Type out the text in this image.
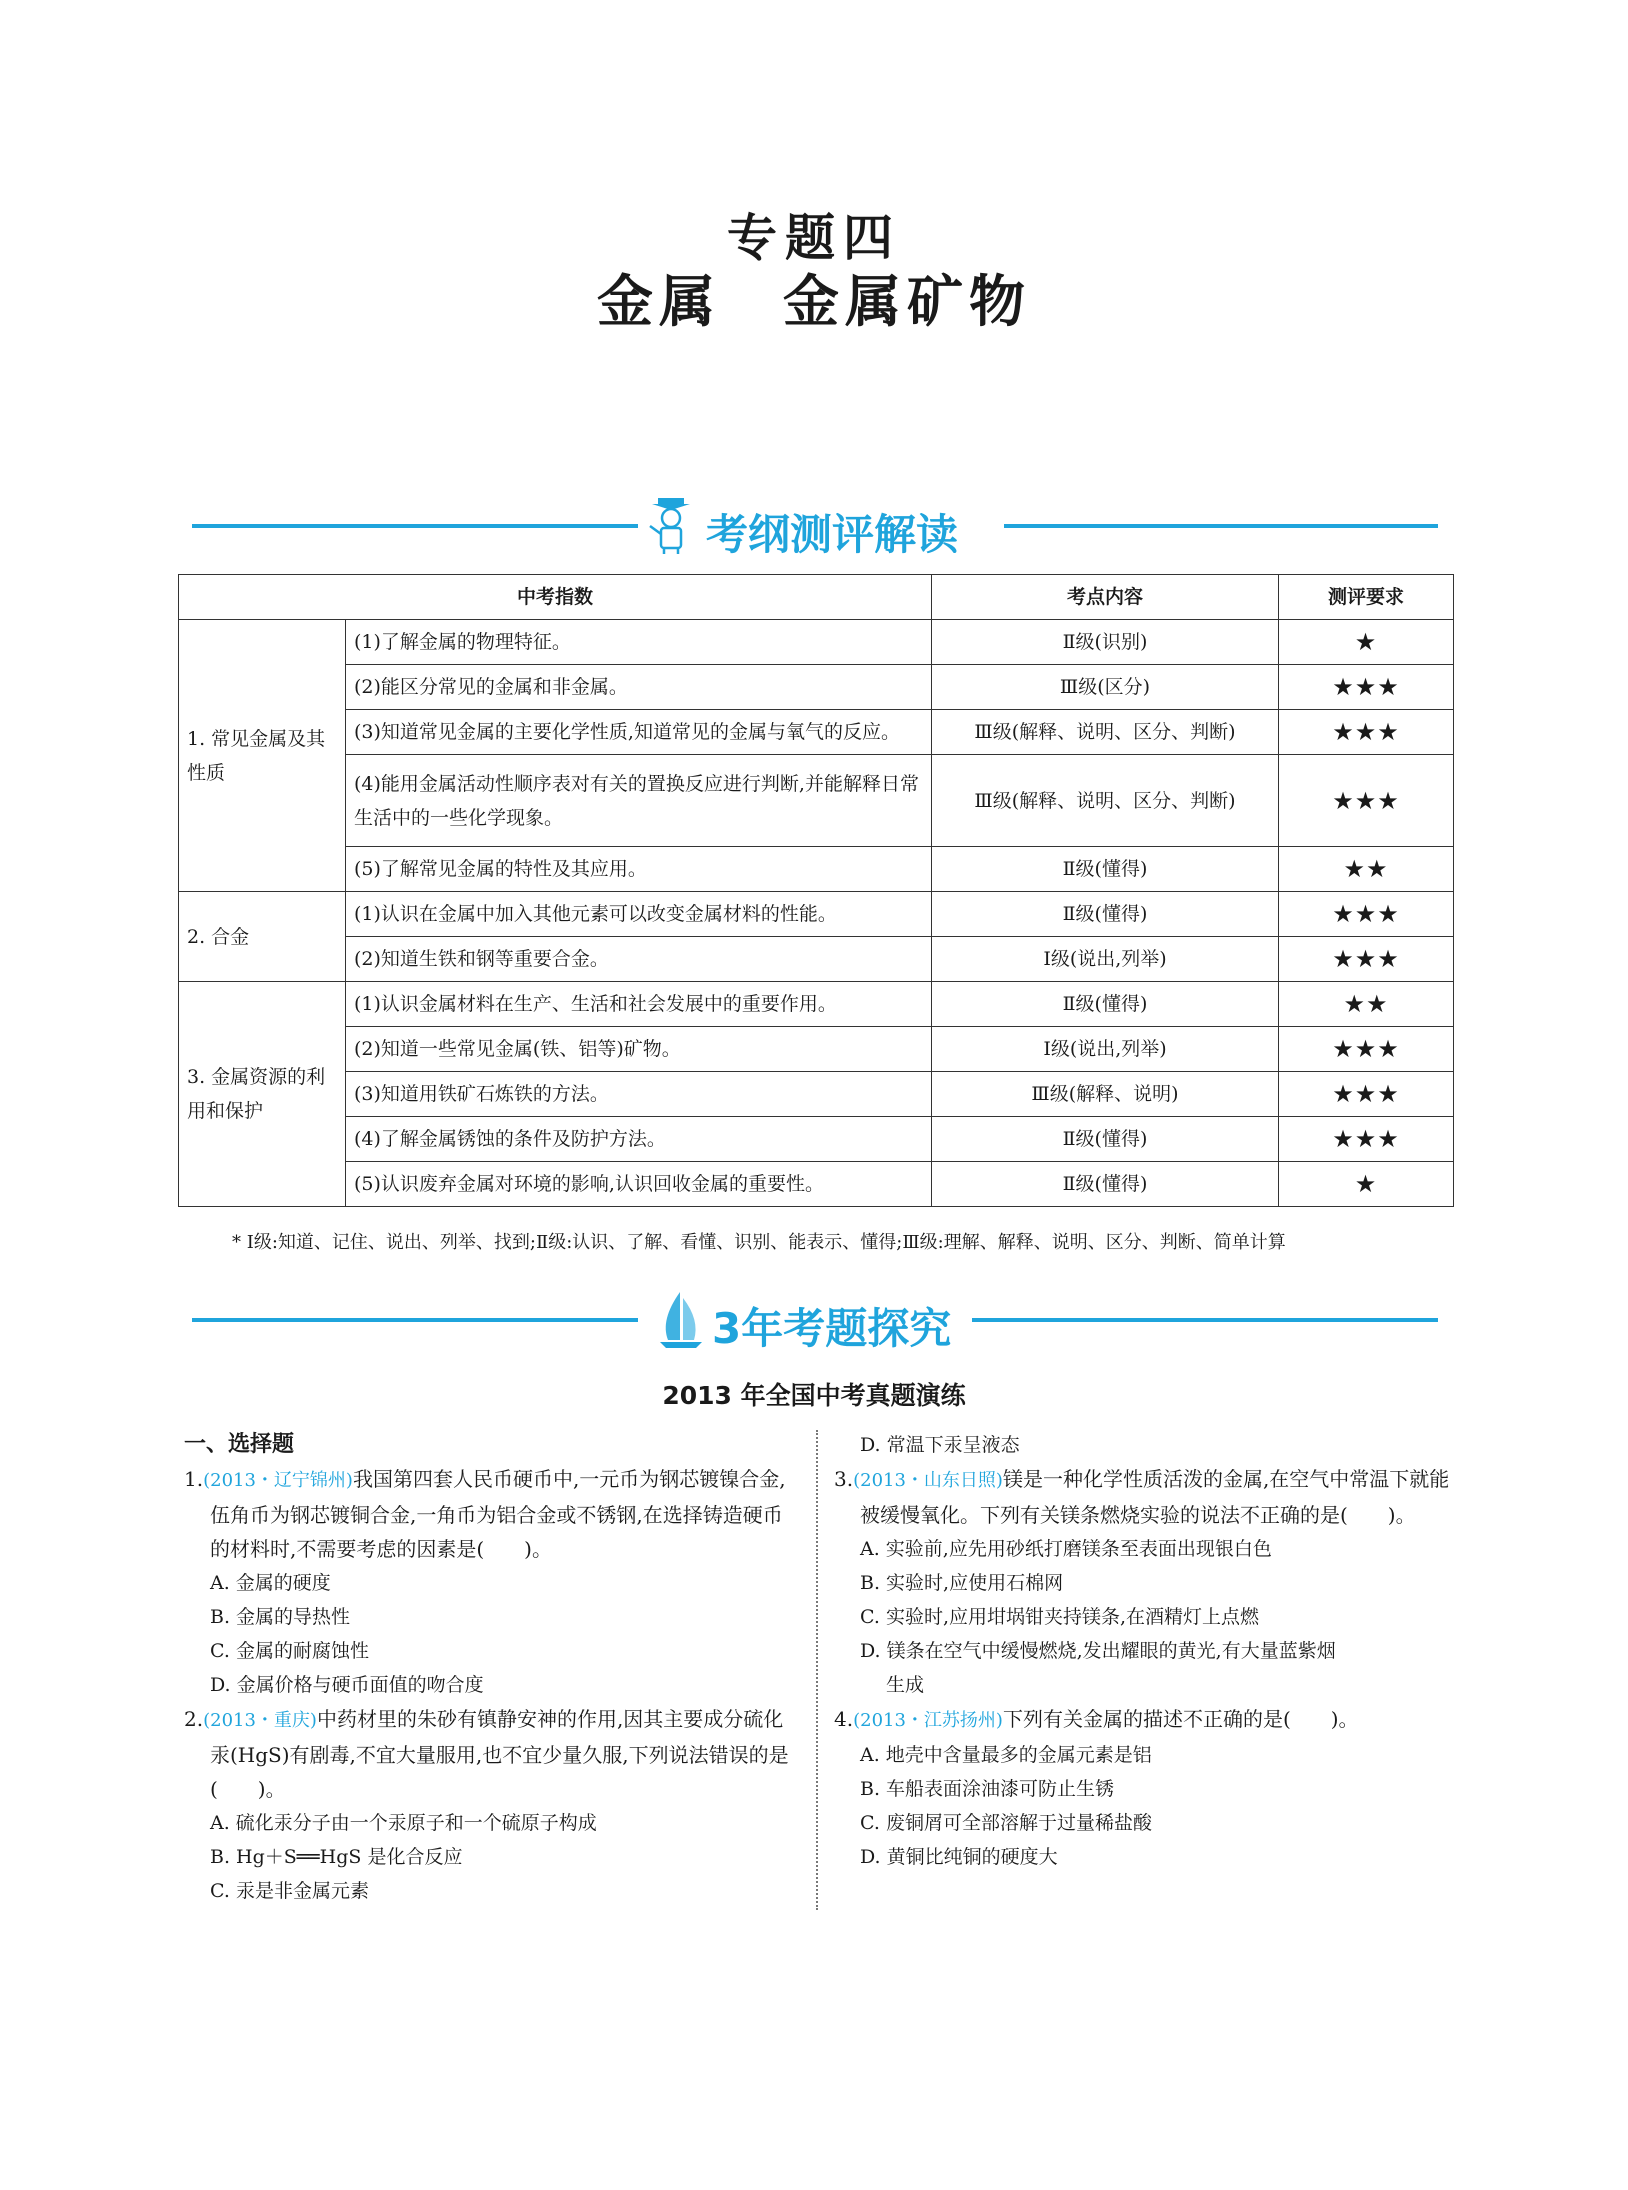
专题四
金属　金属矿物
考纲测评解读
中考指数		考点内容	测评要求
1. 常见金属及其性质	(1)了解金属的物理特征。	Ⅱ级(识别)	★
	(2)能区分常见的金属和非金属。	Ⅲ级(区分)	★★★
	(3)知道常见金属的主要化学性质,知道常见的金属与氧气的反应。	Ⅲ级(解释、说明、区分、判断)	★★★
	(4)能用金属活动性顺序表对有关的置换反应进行判断,并能解释日常生活中的一些化学现象。	Ⅲ级(解释、说明、区分、判断)	★★★
	(5)了解常见金属的特性及其应用。	Ⅱ级(懂得)	★★
2. 合金	(1)认识在金属中加入其他元素可以改变金属材料的性能。	Ⅱ级(懂得)	★★★
	(2)知道生铁和钢等重要合金。	Ⅰ级(说出,列举)	★★★
3. 金属资源的利用和保护	(1)认识金属材料在生产、生活和社会发展中的重要作用。	Ⅱ级(懂得)	★★
	(2)知道一些常见金属(铁、铝等)矿物。	Ⅰ级(说出,列举)	★★★
	(3)知道用铁矿石炼铁的方法。	Ⅲ级(解释、说明)	★★★
	(4)了解金属锈蚀的条件及防护方法。	Ⅱ级(懂得)	★★★
	(5)认识废弃金属对环境的影响,认识回收金属的重要性。	Ⅱ级(懂得)	★
* Ⅰ级:知道、记住、说出、列举、找到;Ⅱ级:认识、了解、看懂、识别、能表示、懂得;Ⅲ级:理解、解释、说明、区分、判断、简单计算
3年考题探究
2013 年全国中考真题演练
一、选择题
1.(2013・辽宁锦州)我国第四套人民币硬币中,一元币为钢芯镀镍合金,伍角币为钢芯镀铜合金,一角币为铝合金或不锈钢,在选择铸造硬币的材料时,不需要考虑的因素是(　　)。
A. 金属的硬度
B. 金属的导热性
C. 金属的耐腐蚀性
D. 金属价格与硬币面值的吻合度
2.(2013・重庆)中药材里的朱砂有镇静安神的作用,因其主要成分硫化汞(HgS)有剧毒,不宜大量服用,也不宜少量久服,下列说法错误的是(　　)。
A. 硫化汞分子由一个汞原子和一个硫原子构成
B. Hg＋S══HgS 是化合反应
C. 汞是非金属元素
D. 常温下汞呈液态
3.(2013・山东日照)镁是一种化学性质活泼的金属,在空气中常温下就能被缓慢氧化。下列有关镁条燃烧实验的说法不正确的是(　　)。
A. 实验前,应先用砂纸打磨镁条至表面出现银白色
B. 实验时,应使用石棉网
C. 实验时,应用坩埚钳夹持镁条,在酒精灯上点燃
D. 镁条在空气中缓慢燃烧,发出耀眼的黄光,有大量蓝紫烟
生成
4.(2013・江苏扬州)下列有关金属的描述不正确的是(　　)。
A. 地壳中含量最多的金属元素是铝
B. 车船表面涂油漆可防止生锈
C. 废铜屑可全部溶解于过量稀盐酸
D. 黄铜比纯铜的硬度大
